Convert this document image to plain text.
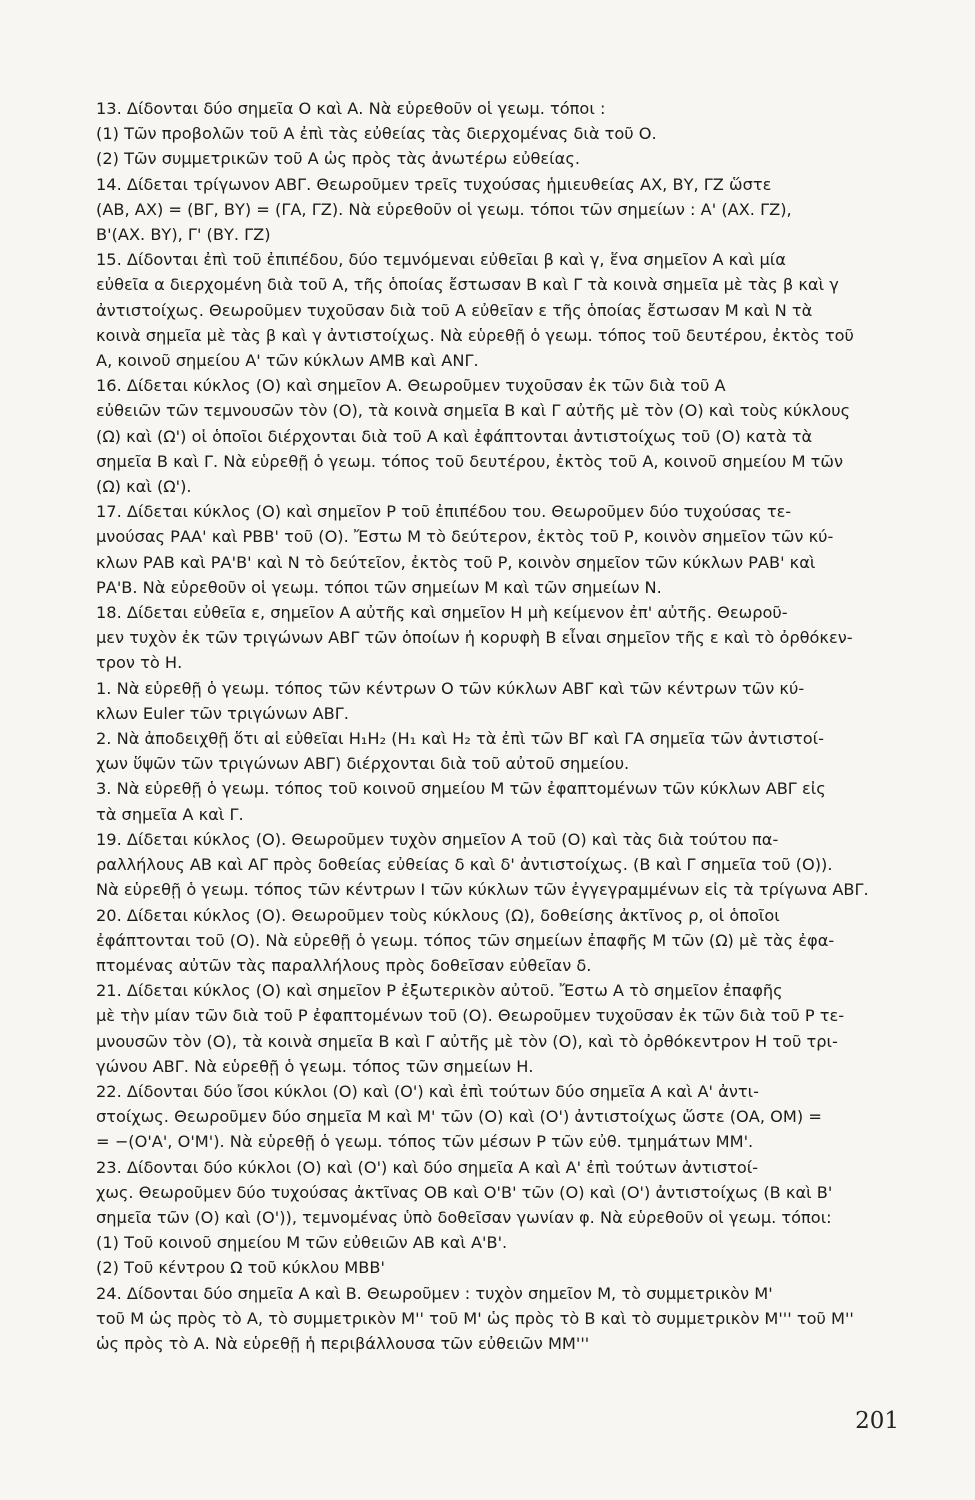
13. Δίδονται δύο σημεῖα Ο καὶ Α. Νὰ εὑρεθοῦν οἱ γεωμ. τόποι :
(1) Τῶν προβολῶν τοῦ Α ἐπὶ τὰς εὐθείας τὰς διερχομένας διὰ τοῦ Ο.
(2) Τῶν συμμετρικῶν τοῦ Α ὡς πρὸς τὰς ἀνωτέρω εὐθείας.
14. Δίδεται τρίγωνον ΑΒΓ. Θεωροῦμεν τρεῖς τυχούσας ἡμιευθείας ΑΧ, ΒΥ, ΓΖ ὥστε
(ΑΒ, ΑΧ) = (ΒΓ, ΒΥ) = (ΓΑ, ΓΖ). Νὰ εὑρεθοῦν οἱ γεωμ. τόποι τῶν σημείων : Α' (ΑΧ. ΓΖ),
Β'(ΑΧ. ΒΥ), Γ' (ΒΥ. ΓΖ)
15. Δίδονται ἐπὶ τοῦ ἐπιπέδου, δύο τεμνόμεναι εὐθεῖαι β καὶ γ, ἕνα σημεῖον Α καὶ μία
εὐθεῖα α διερχομένη διὰ τοῦ Α, τῆς ὁποίας ἔστωσαν Β καὶ Γ τὰ κοινὰ σημεῖα μὲ τὰς β καὶ γ
ἀντιστοίχως. Θεωροῦμεν τυχοῦσαν διὰ τοῦ Α εὐθεῖαν ε τῆς ὁποίας ἔστωσαν Μ καὶ Ν τὰ
κοινὰ σημεῖα μὲ τὰς β καὶ γ ἀντιστοίχως. Νὰ εὑρεθῇ ὁ γεωμ. τόπος τοῦ δευτέρου, ἐκτὸς τοῦ
Α, κοινοῦ σημείου Α' τῶν κύκλων ΑΜΒ καὶ ΑΝΓ.
16. Δίδεται κύκλος (Ο) καὶ σημεῖον Α. Θεωροῦμεν τυχοῦσαν ἐκ τῶν διὰ τοῦ Α
εὐθειῶν τῶν τεμνουσῶν τὸν (Ο), τὰ κοινὰ σημεῖα Β καὶ Γ αὐτῆς μὲ τὸν (Ο) καὶ τοὺς κύκλους
(Ω) καὶ (Ω') οἱ ὁποῖοι διέρχονται διὰ τοῦ Α καὶ ἐφάπτονται ἀντιστοίχως τοῦ (Ο) κατὰ τὰ
σημεῖα Β καὶ Γ. Νὰ εὑρεθῇ ὁ γεωμ. τόπος τοῦ δευτέρου, ἐκτὸς τοῦ Α, κοινοῦ σημείου Μ τῶν
(Ω) καὶ (Ω').
17. Δίδεται κύκλος (Ο) καὶ σημεῖον Ρ τοῦ ἐπιπέδου του. Θεωροῦμεν δύο τυχούσας τε-
μνούσας ΡΑΑ' καὶ ΡΒΒ' τοῦ (Ο). Ἔστω Μ τὸ δεύτερον, ἐκτὸς τοῦ Ρ, κοινὸν σημεῖον τῶν κύ-
κλων ΡΑΒ καὶ ΡΑ'Β' καὶ Ν τὸ δεύτεῖον, ἐκτὸς τοῦ Ρ, κοινὸν σημεῖον τῶν κύκλων ΡΑΒ' καὶ
ΡΑ'Β. Νὰ εὑρεθοῦν οἱ γεωμ. τόποι τῶν σημείων Μ καὶ τῶν σημείων Ν.
18. Δίδεται εὐθεῖα ε, σημεῖον Α αὐτῆς καὶ σημεῖον Η μὴ κείμενον ἐπ' αὐτῆς. Θεωροῦ-
μεν τυχὸν ἐκ τῶν τριγώνων ΑΒΓ τῶν ὁποίων ἡ κορυφὴ Β εἶναι σημεῖον τῆς ε καὶ τὸ ὀρθόκεν-
τρον τὸ Η.
1. Νὰ εὑρεθῇ ὁ γεωμ. τόπος τῶν κέντρων Ο τῶν κύκλων ΑΒΓ καὶ τῶν κέντρων τῶν κύ-
κλων Euler τῶν τριγώνων ΑΒΓ.
2. Νὰ ἀποδειχθῇ ὅτι αἱ εὐθεῖαι Η₁Η₂ (Η₁ καὶ Η₂ τὰ ἐπὶ τῶν ΒΓ καὶ ΓΑ σημεῖα τῶν ἀντιστοί-
χων ὕψῶν τῶν τριγώνων ΑΒΓ) διέρχονται διὰ τοῦ αὐτοῦ σημείου.
3. Νὰ εὑρεθῇ ὁ γεωμ. τόπος τοῦ κοινοῦ σημείου Μ τῶν ἐφαπτομένων τῶν κύκλων ΑΒΓ εἰς
τὰ σημεῖα Α καὶ Γ.
19. Δίδεται κύκλος (Ο). Θεωροῦμεν τυχὸν σημεῖον Α τοῦ (Ο) καὶ τὰς διὰ τούτου πα-
ραλλήλους ΑΒ καὶ ΑΓ πρὸς δοθείας εὐθείας δ καὶ δ' ἀντιστοίχως. (Β καὶ Γ σημεῖα τοῦ (Ο)).
Νὰ εὑρεθῇ ὁ γεωμ. τόπος τῶν κέντρων Ι τῶν κύκλων τῶν ἐγγεγραμμένων εἰς τὰ τρίγωνα ΑΒΓ.
20. Δίδεται κύκλος (Ο). Θεωροῦμεν τοὺς κύκλους (Ω), δοθείσης ἀκτῖνος ρ, οἱ ὁποῖοι
ἐφάπτονται τοῦ (Ο). Νὰ εὑρεθῇ ὁ γεωμ. τόπος τῶν σημείων ἐπαφῆς Μ τῶν (Ω) μὲ τὰς ἐφα-
πτομένας αὐτῶν τὰς παραλλήλους πρὸς δοθεῖσαν εὐθεῖαν δ.
21. Δίδεται κύκλος (Ο) καὶ σημεῖον Ρ ἐξωτερικὸν αὐτοῦ. Ἔστω Α τὸ σημεῖον ἐπαφῆς
μὲ τὴν μίαν τῶν διὰ τοῦ Ρ ἐφαπτομένων τοῦ (Ο). Θεωροῦμεν τυχοῦσαν ἐκ τῶν διὰ τοῦ Ρ τε-
μνουσῶν τὸν (Ο), τὰ κοινὰ σημεῖα Β καὶ Γ αὐτῆς μὲ τὸν (Ο), καὶ τὸ ὀρθόκεντρον Η τοῦ τρι-
γώνου ΑΒΓ. Νὰ εὑρεθῇ ὁ γεωμ. τόπος τῶν σημείων Η.
22. Δίδονται δύο ἴσοι κύκλοι (Ο) καὶ (Ο') καὶ ἐπὶ τούτων δύο σημεῖα Α καὶ Α' ἀντι-
στοίχως. Θεωροῦμεν δύο σημεῖα Μ καὶ Μ' τῶν (Ο) καὶ (Ο') ἀντιστοίχως ὥστε (ΟΑ, ΟΜ) =
= −(Ο'Α', Ο'Μ'). Νὰ εὑρεθῇ ὁ γεωμ. τόπος τῶν μέσων Ρ τῶν εὐθ. τμημάτων ΜΜ'.
23. Δίδονται δύο κύκλοι (Ο) καὶ (Ο') καὶ δύο σημεῖα Α καὶ Α' ἐπὶ τούτων ἀντιστοί-
χως. Θεωροῦμεν δύο τυχούσας ἀκτῖνας ΟΒ καὶ Ο'Β' τῶν (Ο) καὶ (Ο') ἀντιστοίχως (Β καὶ Β'
σημεῖα τῶν (Ο) καὶ (Ο')), τεμνομένας ὑπὸ δοθεῖσαν γωνίαν φ. Νὰ εὑρεθοῦν οἱ γεωμ. τόποι:
(1) Τοῦ κοινοῦ σημείου Μ τῶν εὐθειῶν ΑΒ καὶ Α'Β'.
(2) Τοῦ κέντρου Ω τοῦ κύκλου ΜΒΒ'
24. Δίδονται δύο σημεῖα Α καὶ Β. Θεωροῦμεν : τυχὸν σημεῖον Μ, τὸ συμμετρικὸν Μ'
τοῦ Μ ὡς πρὸς τὸ Α, τὸ συμμετρικὸν Μ'' τοῦ Μ' ὡς πρὸς τὸ Β καὶ τὸ συμμετρικὸν Μ''' τοῦ Μ''
ὡς πρὸς τὸ Α. Νὰ εὑρεθῇ ἡ περιβάλλουσα τῶν εὐθειῶν ΜΜ'''
201
